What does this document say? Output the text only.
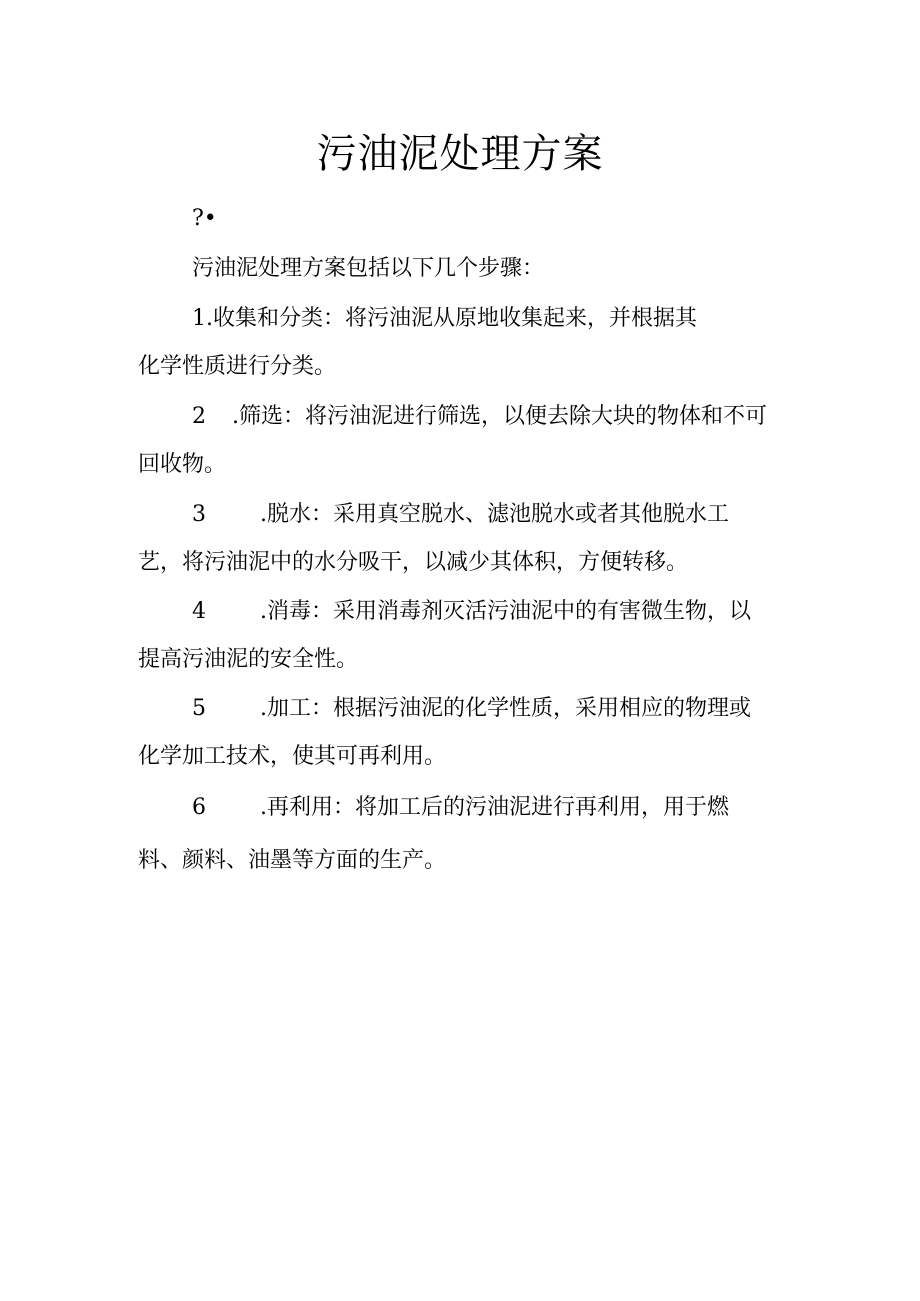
污油泥处理方案

?•

污油泥处理方案包括以下几个步骤：

1.收集和分类：将污油泥从原地收集起来，并根据其

化学性质进行分类。

2 .筛选：将污油泥进行筛选，以便去除大块的物体和不可

回收物。

3 .脱水：采用真空脱水、滤池脱水或者其他脱水工

艺，将污油泥中的水分吸干，以减少其体积，方便转移。

4 .消毒：采用消毒剂灭活污油泥中的有害微生物，以

提高污油泥的安全性。

5 .加工：根据污油泥的化学性质，采用相应的物理或

化学加工技术，使其可再利用。

6 .再利用：将加工后的污油泥进行再利用，用于燃

料、颜料、油墨等方面的生产。
